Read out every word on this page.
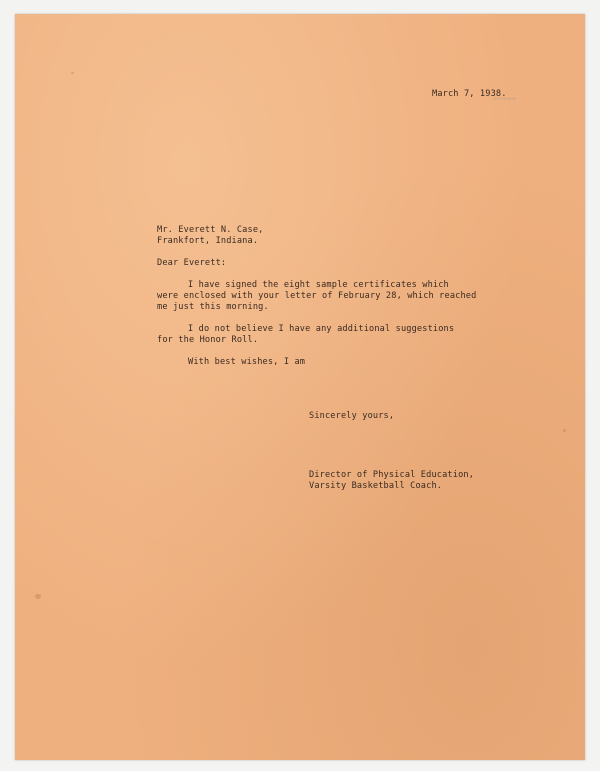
March 7, 1938.
▬▬▬▬▬
Mr. Everett N. Case,
Frankfort, Indiana.
Dear Everett:
I have signed the eight sample certificates which
were enclosed with your letter of February 28, which reached
me just this morning.
I do not believe I have any additional suggestions
for the Honor Roll.
With best wishes, I am
Sincerely yours,
Director of Physical Education,
Varsity Basketball Coach.
